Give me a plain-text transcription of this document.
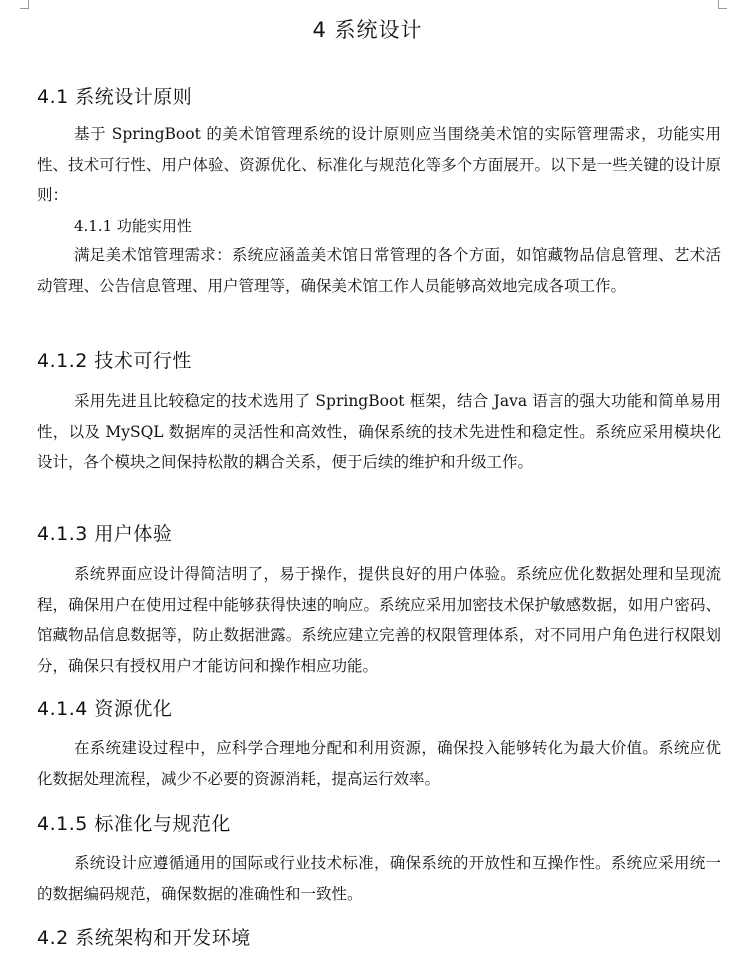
4 系统设计
4.1 系统设计原则
基于 SpringBoot 的美术馆管理系统的设计原则应当围绕美术馆的实际管理需求，功能实用性、技术可行性、用户体验、资源优化、标准化与规范化等多个方面展开。以下是一些关键的设计原则：
4.1.1 功能实用性
满足美术馆管理需求：系统应涵盖美术馆日常管理的各个方面，如馆藏物品信息管理、艺术活动管理、公告信息管理、用户管理等，确保美术馆工作人员能够高效地完成各项工作。
4.1.2 技术可行性
采用先进且比较稳定的技术选用了 SpringBoot 框架，结合 Java 语言的强大功能和简单易用性，以及 MySQL 数据库的灵活性和高效性，确保系统的技术先进性和稳定性。系统应采用模块化设计，各个模块之间保持松散的耦合关系，便于后续的维护和升级工作。
4.1.3 用户体验
系统界面应设计得简洁明了，易于操作，提供良好的用户体验。系统应优化数据处理和呈现流程，确保用户在使用过程中能够获得快速的响应。系统应采用加密技术保护敏感数据，如用户密码、馆藏物品信息数据等，防止数据泄露。系统应建立完善的权限管理体系，对不同用户角色进行权限划分，确保只有授权用户才能访问和操作相应功能。
4.1.4 资源优化
在系统建设过程中，应科学合理地分配和利用资源，确保投入能够转化为最大价值。系统应优化数据处理流程，减少不必要的资源消耗，提高运行效率。
4.1.5 标准化与规范化
系统设计应遵循通用的国际或行业技术标准，确保系统的开放性和互操作性。系统应采用统一的数据编码规范，确保数据的准确性和一致性。
4.2 系统架构和开发环境
